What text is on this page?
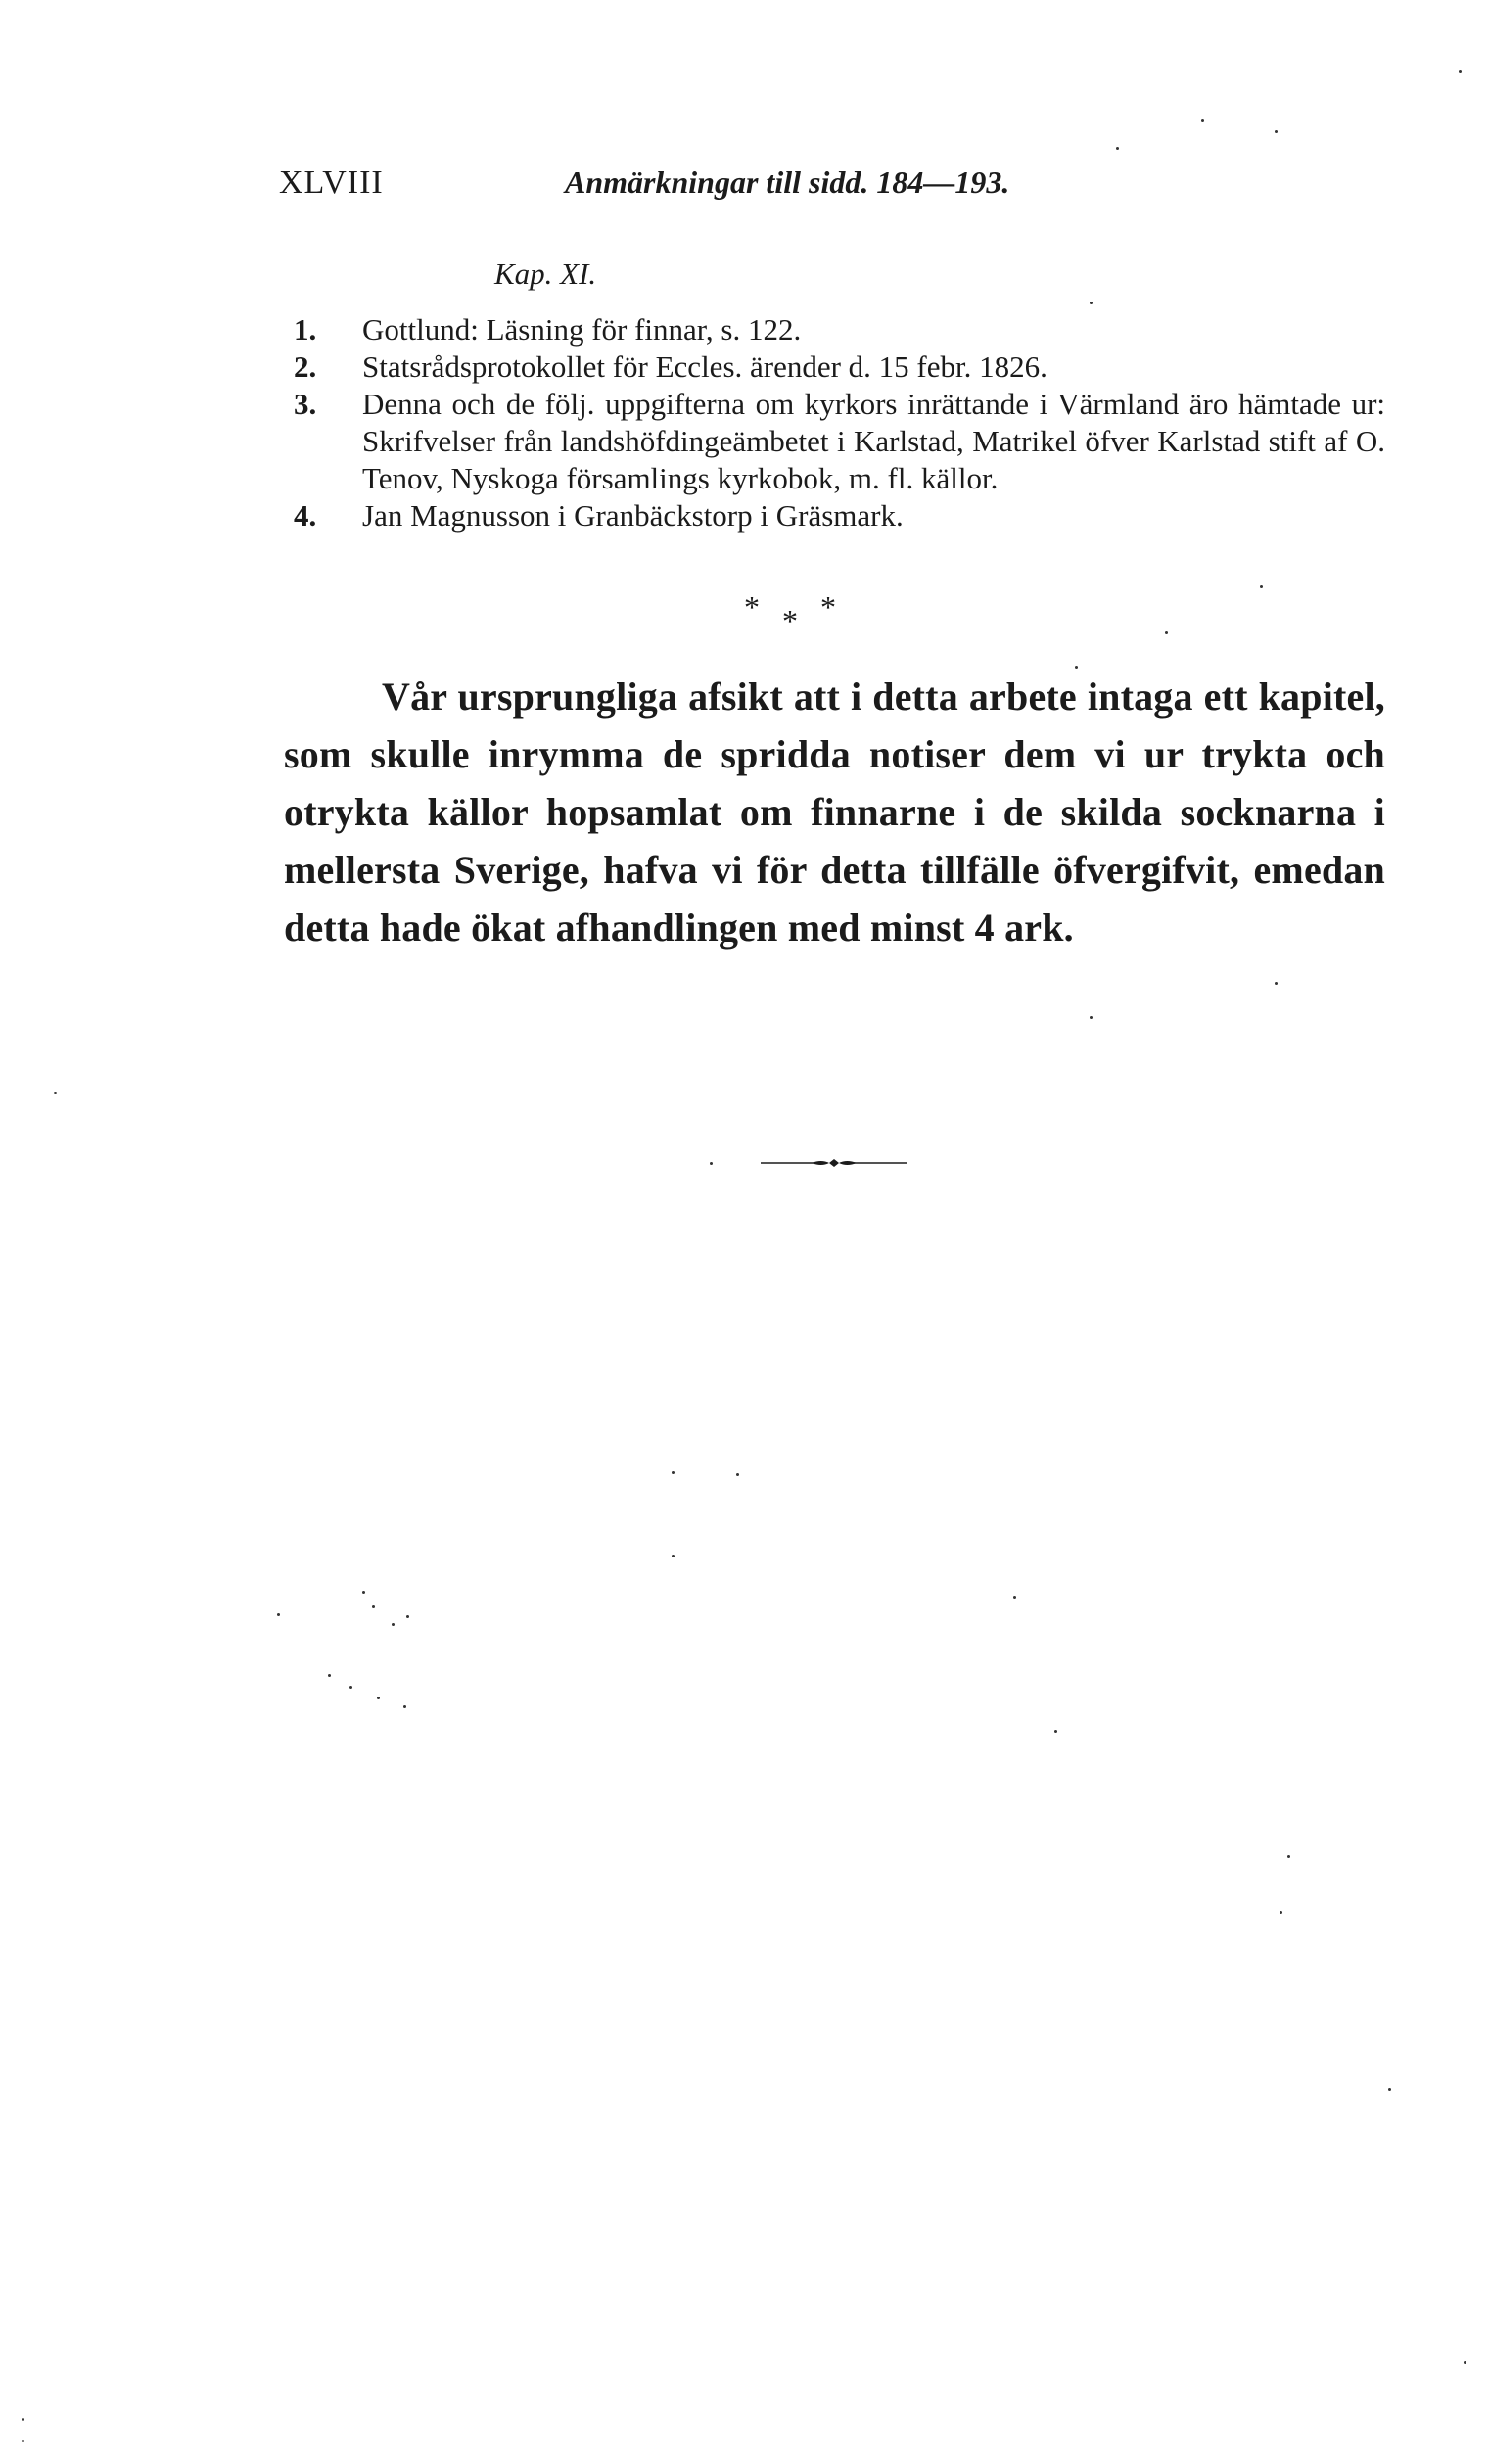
XLVIII	Anmärkningar till sidd. 184—193.
Kap. XI.
1. Gottlund: Läsning för finnar, s. 122.
2. Statsrådsprotokollet för Eccles. ärender d. 15 febr. 1826.
3. Denna och de följ. uppgifterna om kyrkors inrättande i Värmland äro hämtade ur: Skrifvelser från landshöfdingeämbetet i Karlstad, Matrikel öfver Karlstad stift af O. Tenov, Nyskoga församlings kyrkobok, m. fl. källor.
4. Jan Magnusson i Granbäckstorp i Gräsmark.
* * *

Vår ursprungliga afsikt att i detta arbete intaga ett kapitel, som skulle inrymma de spridda notiser dem vi ur trykta och otrykta källor hopsamlat om finnarne i de skilda socknarna i mellersta Sverige, hafva vi för detta tillfälle öfvergifvit, emedan detta hade ökat afhandlingen med minst 4 ark.
